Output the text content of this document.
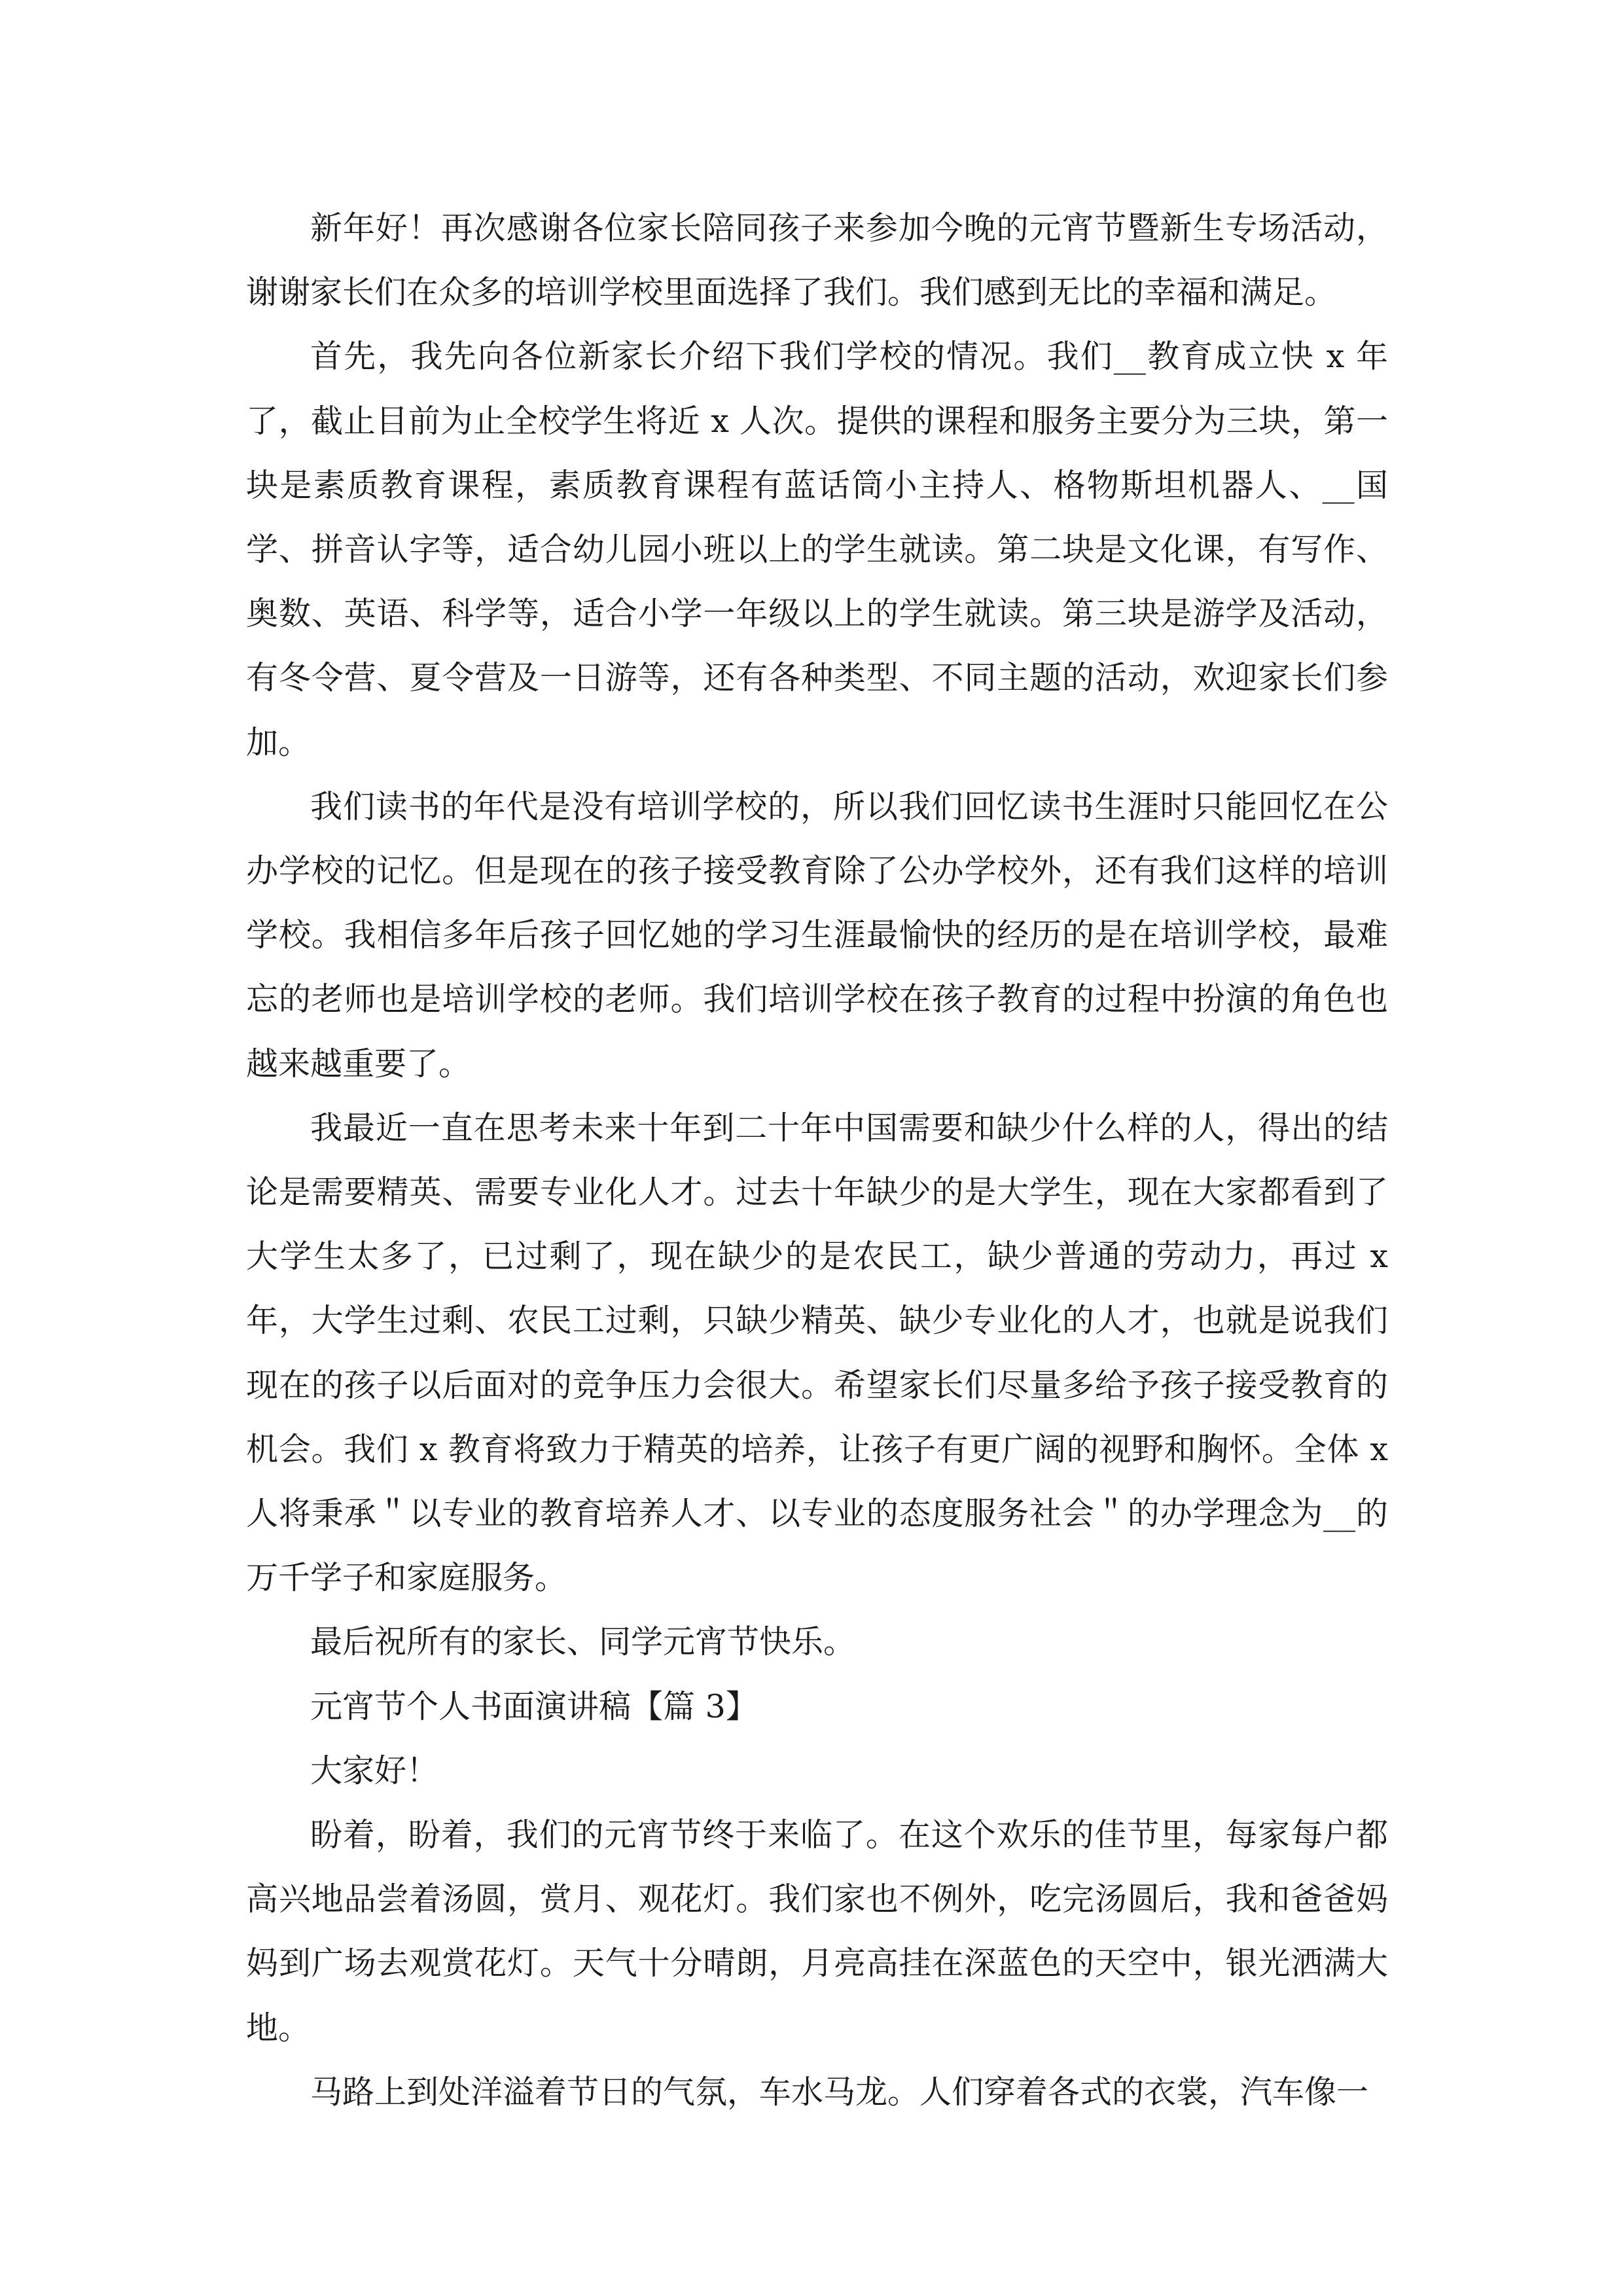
新年好！再次感谢各位家长陪同孩子来参加今晚的元宵节暨新生专场活动，谢谢家长们在众多的培训学校里面选择了我们。我们感到无比的幸福和满足。

首先，我先向各位新家长介绍下我们学校的情况。我们__教育成立快 x 年了，截止目前为止全校学生将近 x 人次。提供的课程和服务主要分为三块，第一块是素质教育课程，素质教育课程有蓝话筒小主持人、格物斯坦机器人、__国学、拼音认字等，适合幼儿园小班以上的学生就读。第二块是文化课，有写作、奥数、英语、科学等，适合小学一年级以上的学生就读。第三块是游学及活动，有冬令营、夏令营及一日游等，还有各种类型、不同主题的活动，欢迎家长们参加。

我们读书的年代是没有培训学校的，所以我们回忆读书生涯时只能回忆在公办学校的记忆。但是现在的孩子接受教育除了公办学校外，还有我们这样的培训学校。我相信多年后孩子回忆她的学习生涯最愉快的经历的是在培训学校，最难忘的老师也是培训学校的老师。我们培训学校在孩子教育的过程中扮演的角色也越来越重要了。

我最近一直在思考未来十年到二十年中国需要和缺少什么样的人，得出的结论是需要精英、需要专业化人才。过去十年缺少的是大学生，现在大家都看到了大学生太多了，已过剩了，现在缺少的是农民工，缺少普通的劳动力，再过 x 年，大学生过剩、农民工过剩，只缺少精英、缺少专业化的人才，也就是说我们现在的孩子以后面对的竞争压力会很大。希望家长们尽量多给予孩子接受教育的机会。我们 x 教育将致力于精英的培养，让孩子有更广阔的视野和胸怀。全体 x 人将秉承＂以专业的教育培养人才、以专业的态度服务社会＂的办学理念为__的万千学子和家庭服务。

最后祝所有的家长、同学元宵节快乐。

元宵节个人书面演讲稿【篇 3】

大家好！

盼着，盼着，我们的元宵节终于来临了。在这个欢乐的佳节里，每家每户都高兴地品尝着汤圆，赏月、观花灯。我们家也不例外，吃完汤圆后，我和爸爸妈妈到广场去观赏花灯。天气十分晴朗，月亮高挂在深蓝色的天空中，银光洒满大地。

马路上到处洋溢着节日的气氛，车水马龙。人们穿着各式的衣裳，汽车像一
